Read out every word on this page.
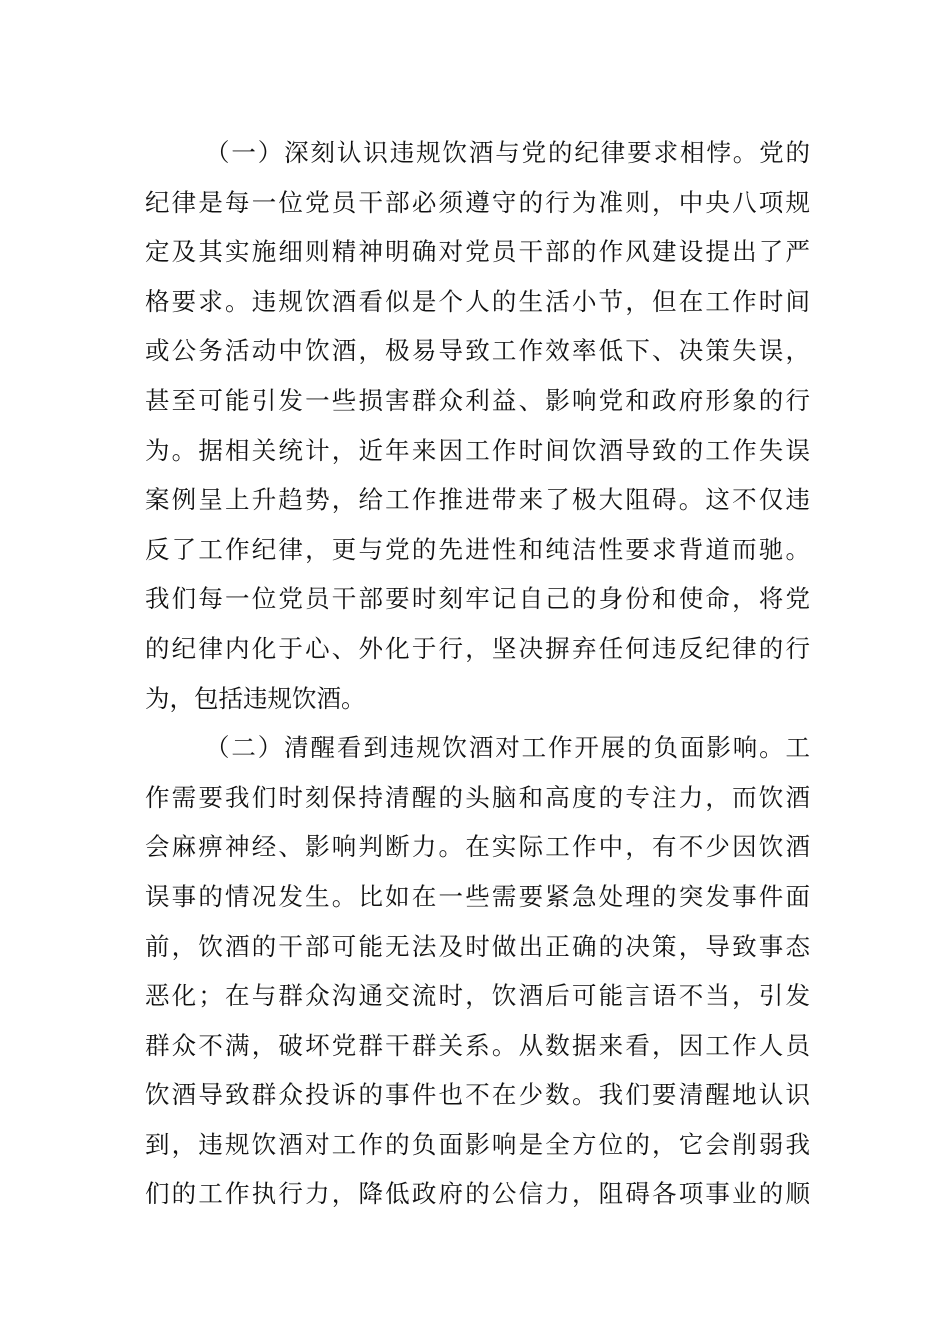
（一）深刻认识违规饮酒与党的纪律要求相悖。党的
纪律是每一位党员干部必须遵守的行为准则，中央八项规
定及其实施细则精神明确对党员干部的作风建设提出了严
格要求。违规饮酒看似是个人的生活小节，但在工作时间
或公务活动中饮酒，极易导致工作效率低下、决策失误，
甚至可能引发一些损害群众利益、影响党和政府形象的行
为。据相关统计，近年来因工作时间饮酒导致的工作失误
案例呈上升趋势，给工作推进带来了极大阻碍。这不仅违
反了工作纪律，更与党的先进性和纯洁性要求背道而驰。
我们每一位党员干部要时刻牢记自己的身份和使命，将党
的纪律内化于心、外化于行，坚决摒弃任何违反纪律的行
为，包括违规饮酒。
（二）清醒看到违规饮酒对工作开展的负面影响。工
作需要我们时刻保持清醒的头脑和高度的专注力，而饮酒
会麻痹神经、影响判断力。在实际工作中，有不少因饮酒
误事的情况发生。比如在一些需要紧急处理的突发事件面
前，饮酒的干部可能无法及时做出正确的决策，导致事态
恶化；在与群众沟通交流时，饮酒后可能言语不当，引发
群众不满，破坏党群干群关系。从数据来看，因工作人员
饮酒导致群众投诉的事件也不在少数。我们要清醒地认识
到，违规饮酒对工作的负面影响是全方位的，它会削弱我
们的工作执行力，降低政府的公信力，阻碍各项事业的顺
